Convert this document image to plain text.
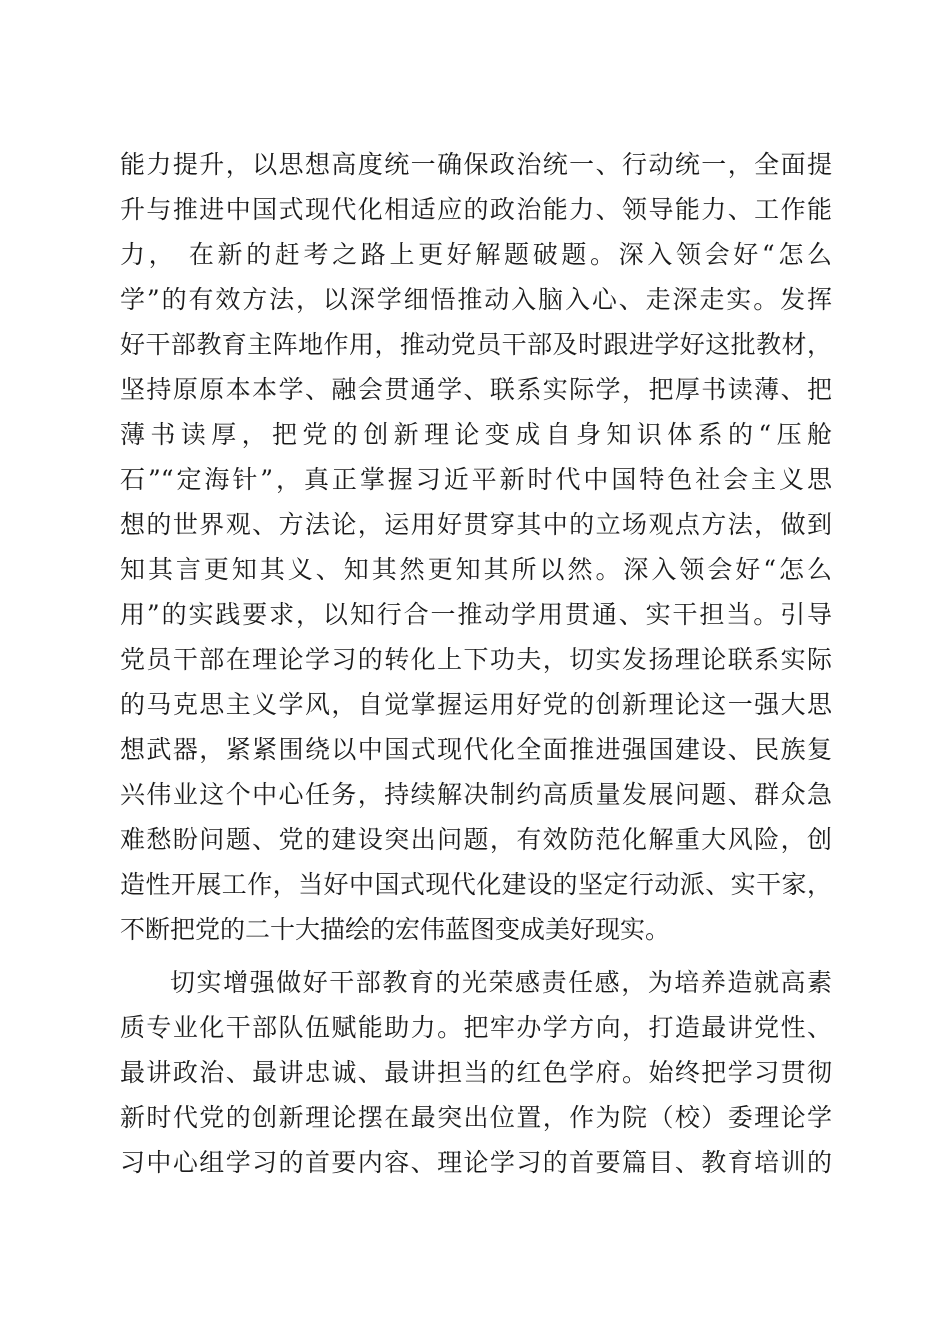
能力提升，以思想高度统一确保政治统一、行动统一，全面提
升与推进中国式现代化相适应的政治能力、领导能力、工作能
力， 在新的赶考之路上更好解题破题。深入领会好“怎么
学”的有效方法，以深学细悟推动入脑入心、走深走实。发挥
好干部教育主阵地作用，推动党员干部及时跟进学好这批教材，
坚持原原本本学、融会贯通学、联系实际学，把厚书读薄、把
薄书读厚，把党的创新理论变成自身知识体系的“压舱
石”“定海针”，真正掌握习近平新时代中国特色社会主义思
想的世界观、方法论，运用好贯穿其中的立场观点方法，做到
知其言更知其义、知其然更知其所以然。深入领会好“怎么
用”的实践要求，以知行合一推动学用贯通、实干担当。引导
党员干部在理论学习的转化上下功夫，切实发扬理论联系实际
的马克思主义学风，自觉掌握运用好党的创新理论这一强大思
想武器，紧紧围绕以中国式现代化全面推进强国建设、民族复
兴伟业这个中心任务，持续解决制约高质量发展问题、群众急
难愁盼问题、党的建设突出问题，有效防范化解重大风险，创
造性开展工作，当好中国式现代化建设的坚定行动派、实干家，
不断把党的二十大描绘的宏伟蓝图变成美好现实。
切实增强做好干部教育的光荣感责任感，为培养造就高素
质专业化干部队伍赋能助力。把牢办学方向，打造最讲党性、
最讲政治、最讲忠诚、最讲担当的红色学府。始终把学习贯彻
新时代党的创新理论摆在最突出位置，作为院（校）委理论学
习中心组学习的首要内容、理论学习的首要篇目、教育培训的
